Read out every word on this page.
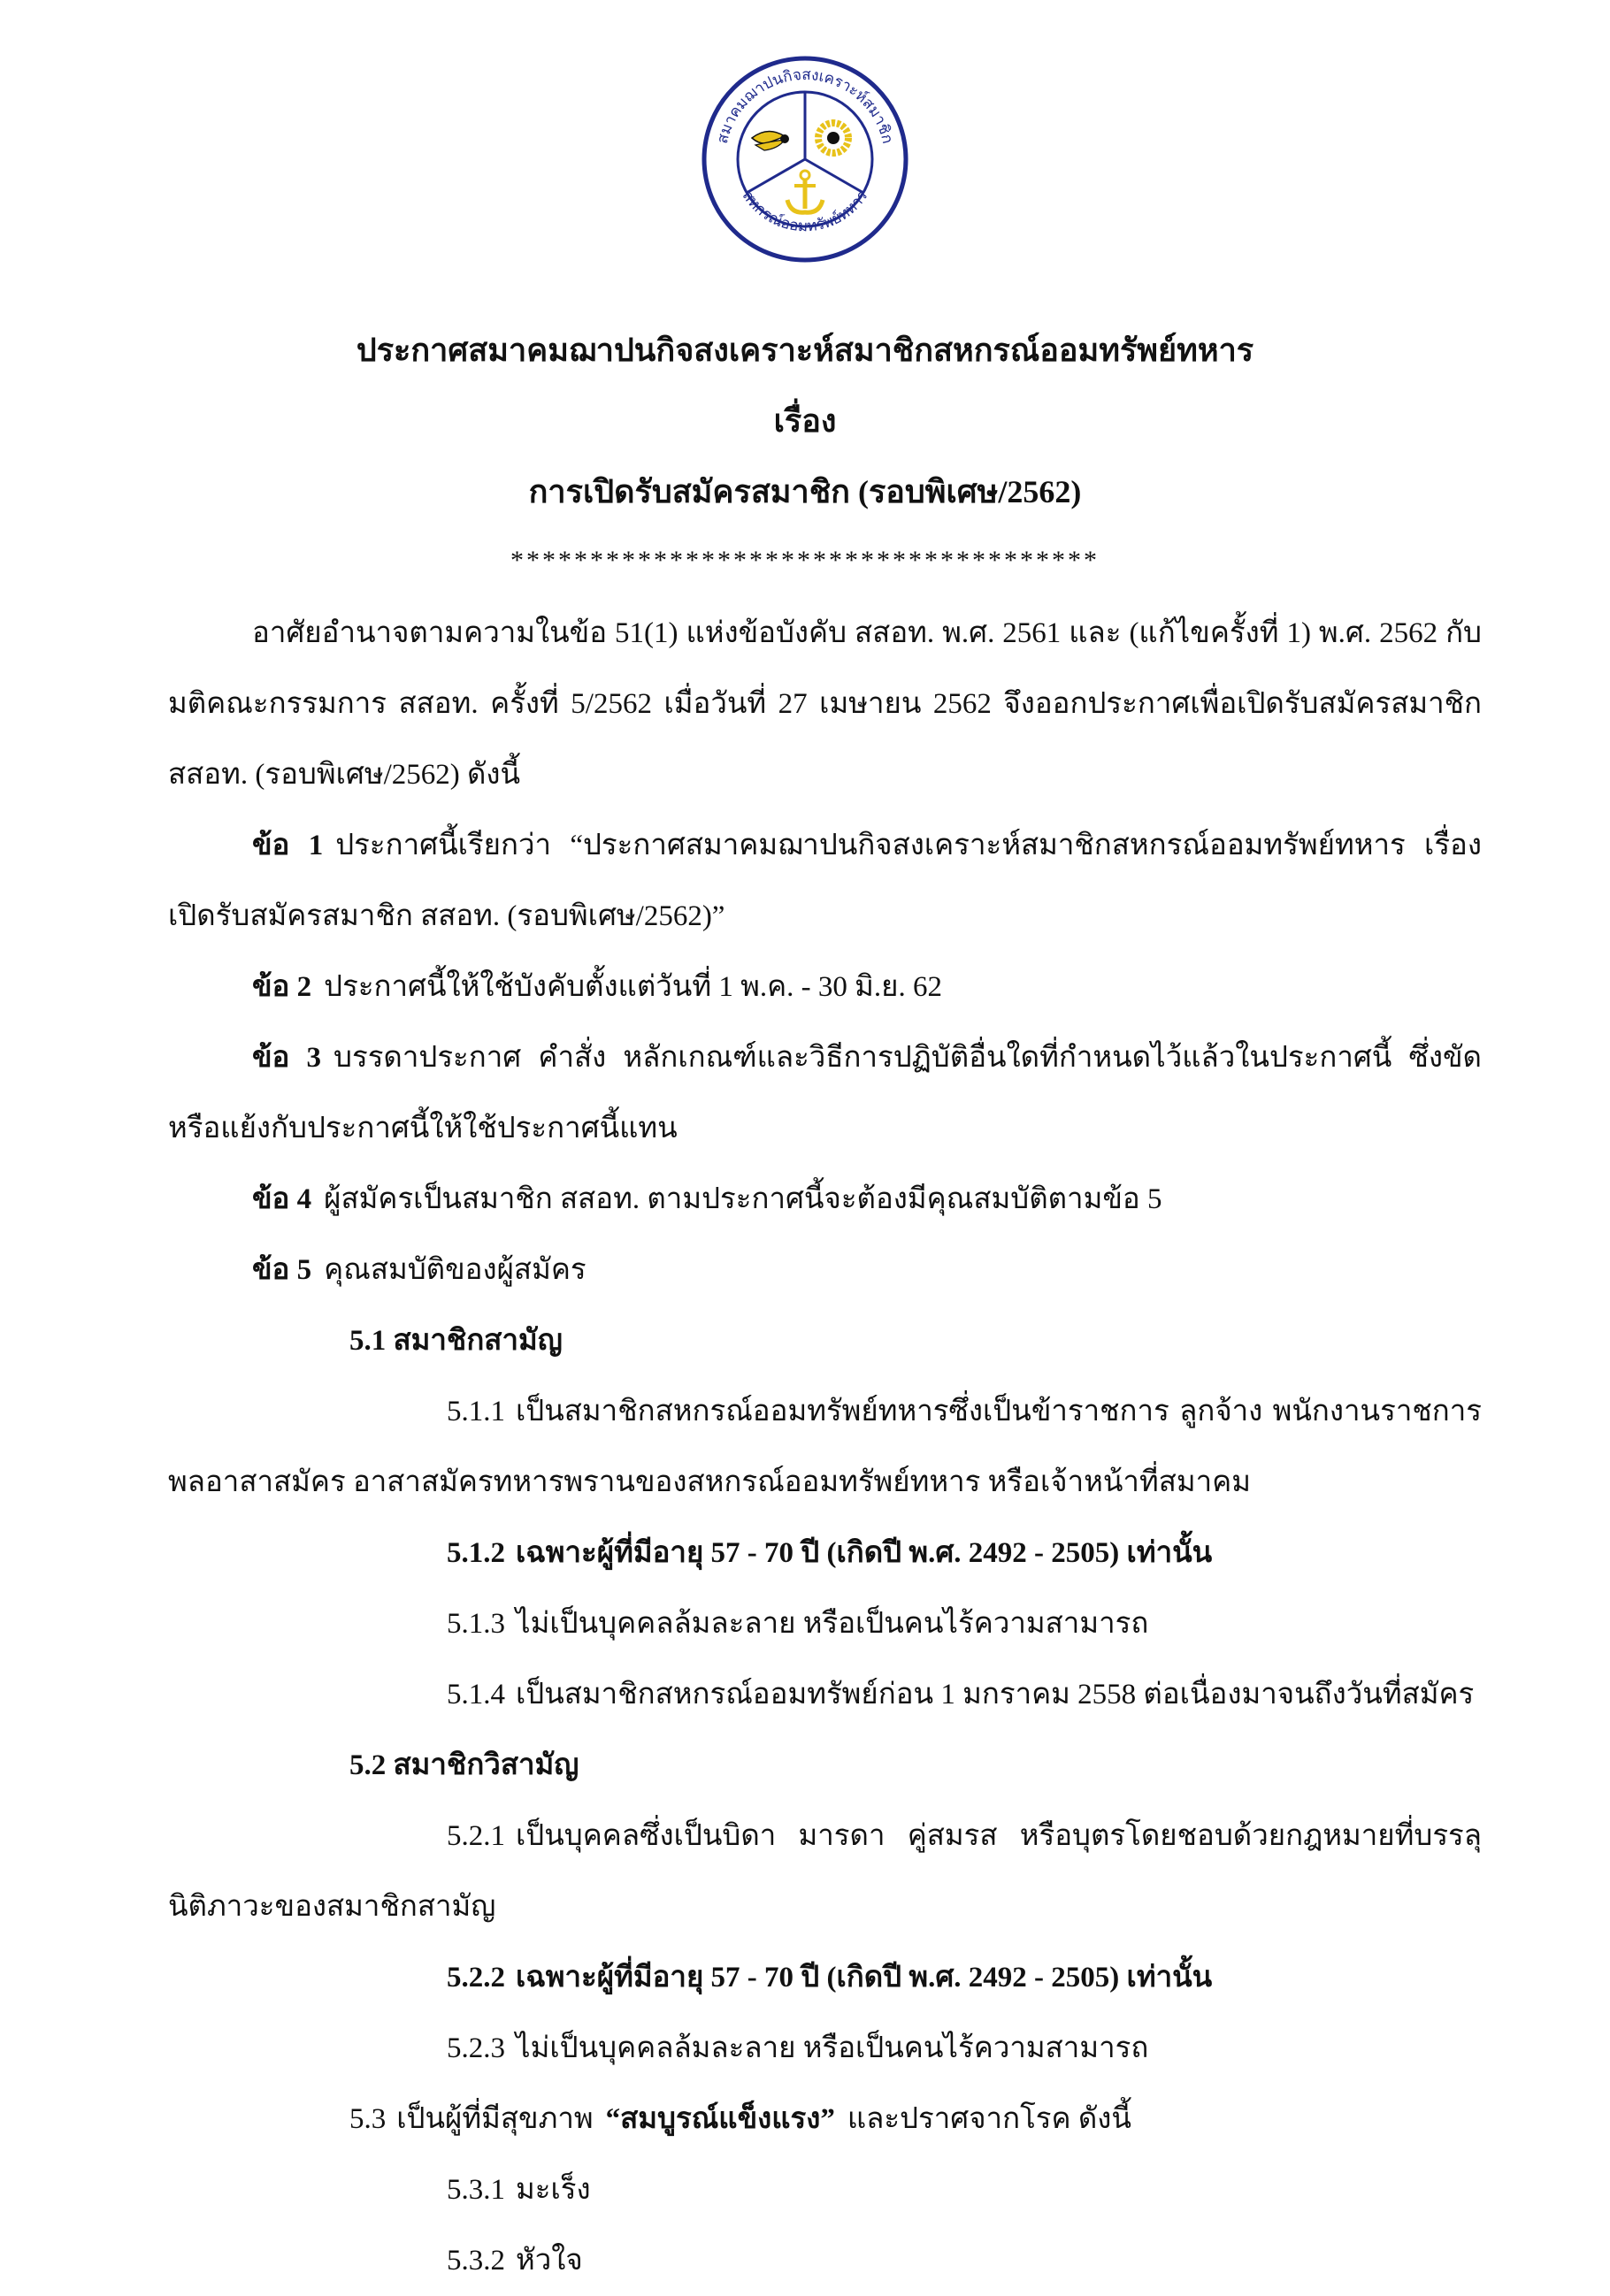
สมาคมฌาปนกิจสงเคราะห์สมาชิก
สหกรณ์ออมทรัพย์ทหาร
ประกาศสมาคมฌาปนกิจสงเคราะห์สมาชิกสหกรณ์ออมทรัพย์ทหาร
เรื่อง
การเปิดรับสมัครสมาชิก (รอบพิเศษ/2562)
*************************************

อาศัยอำนาจตามความในข้อ 51(1) แห่งข้อบังคับ สสอท. พ.ศ. 2561 และ (แก้ไขครั้งที่ 1) พ.ศ. 2562 กับมติคณะกรรมการ สสอท. ครั้งที่ 5/2562 เมื่อวันที่ 27 เมษายน 2562 จึงออกประกาศเพื่อเปิดรับสมัครสมาชิก สสอท. (รอบพิเศษ/2562) ดังนี้

ข้อ 1 ประกาศนี้เรียกว่า “ประกาศสมาคมฌาปนกิจสงเคราะห์สมาชิกสหกรณ์ออมทรัพย์ทหาร เรื่อง เปิดรับสมัครสมาชิก สสอท. (รอบพิเศษ/2562)”

ข้อ 2 ประกาศนี้ให้ใช้บังคับตั้งแต่วันที่ 1 พ.ค. - 30 มิ.ย. 62

ข้อ 3 บรรดาประกาศ คำสั่ง หลักเกณฑ์และวิธีการปฏิบัติอื่นใดที่กำหนดไว้แล้วในประกาศนี้ ซึ่งขัดหรือแย้งกับประกาศนี้ให้ใช้ประกาศนี้แทน

ข้อ 4 ผู้สมัครเป็นสมาชิก สสอท. ตามประกาศนี้จะต้องมีคุณสมบัติตามข้อ 5

ข้อ 5 คุณสมบัติของผู้สมัคร

5.1 สมาชิกสามัญ

5.1.1 เป็นสมาชิกสหกรณ์ออมทรัพย์ทหารซึ่งเป็นข้าราชการ ลูกจ้าง พนักงานราชการ พลอาสาสมัคร อาสาสมัครทหารพรานของสหกรณ์ออมทรัพย์ทหาร หรือเจ้าหน้าที่สมาคม

5.1.2 เฉพาะผู้ที่มีอายุ 57 - 70 ปี (เกิดปี พ.ศ. 2492 - 2505) เท่านั้น

5.1.3 ไม่เป็นบุคคลล้มละลาย หรือเป็นคนไร้ความสามารถ

5.1.4 เป็นสมาชิกสหกรณ์ออมทรัพย์ก่อน 1 มกราคม 2558 ต่อเนื่องมาจนถึงวันที่สมัคร

5.2 สมาชิกวิสามัญ

5.2.1 เป็นบุคคลซึ่งเป็นบิดา มารดา คู่สมรส หรือบุตรโดยชอบด้วยกฎหมายที่บรรลุนิติภาวะของสมาชิกสามัญ

5.2.2 เฉพาะผู้ที่มีอายุ 57 - 70 ปี (เกิดปี พ.ศ. 2492 - 2505) เท่านั้น

5.2.3 ไม่เป็นบุคคลล้มละลาย หรือเป็นคนไร้ความสามารถ

5.3 เป็นผู้ที่มีสุขภาพ “สมบูรณ์แข็งแรง” และปราศจากโรค ดังนี้

5.3.1 มะเร็ง

5.3.2 หัวใจ
